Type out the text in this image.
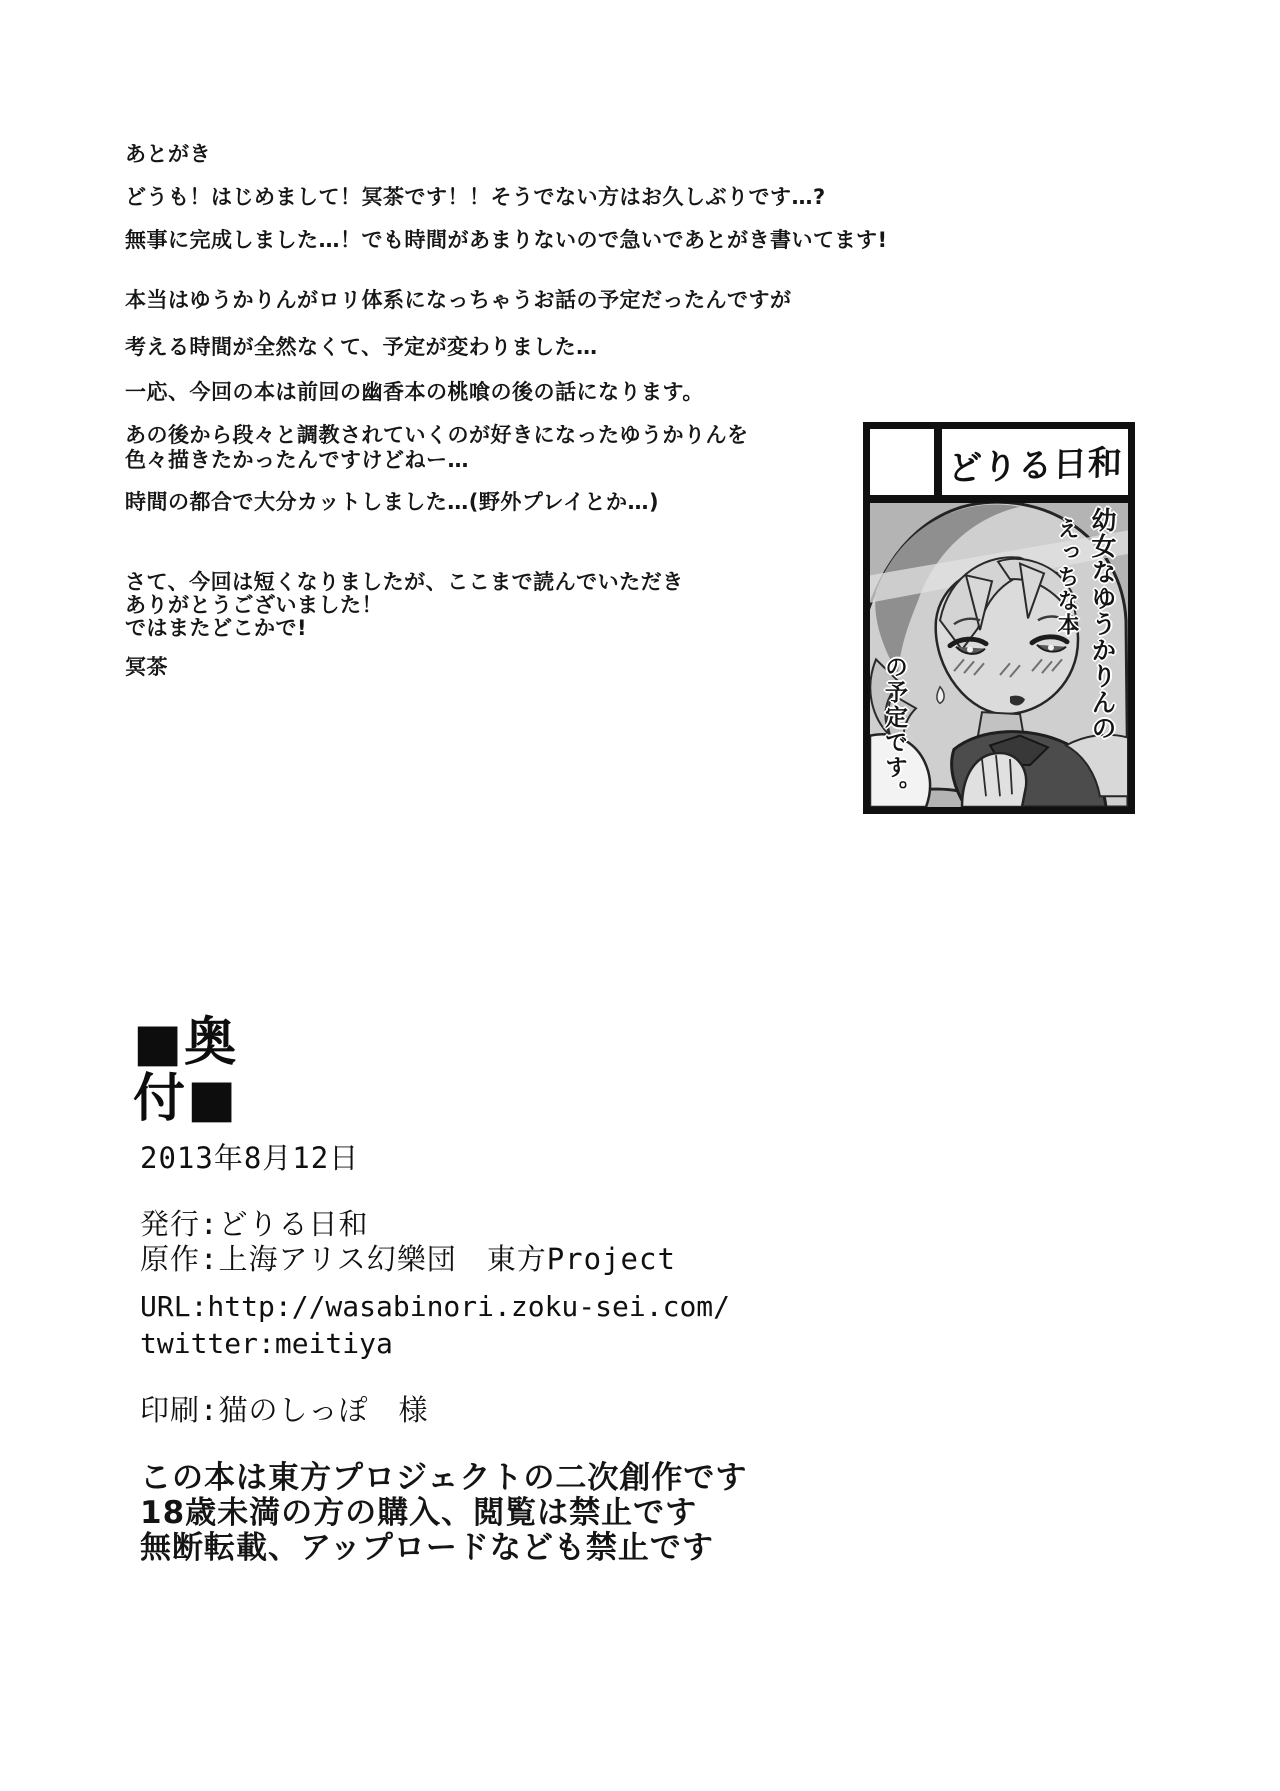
あとがき
どうも！はじめまして！冥茶です！！そうでない方はお久しぶりです…?
無事に完成しました…！でも時間があまりないので急いであとがき書いてます!
本当はゆうかりんがロリ体系になっちゃうお話の予定だったんですが
考える時間が全然なくて、予定が変わりました…
一応、今回の本は前回の幽香本の桃喰の後の話になります。
あの後から段々と調教されていくのが好きになったゆうかりんを
色々描きたかったんですけどねー…
時間の都合で大分カットしました…(野外プレイとか…)
さて、今回は短くなりましたが、ここまで読んでいただき
ありがとうございました！
ではまたどこかで!
冥茶
どりる日和
幼女なゆうかりんの
えっちな本
の予定です。
■奥
付■
2013年8月12日
発行:どりる日和
原作:上海アリス幻樂団　東方Project
URL:http://wasabinori.zoku-sei.com/
twitter:meitiya
印刷:猫のしっぽ　様
この本は東方プロジェクトの二次創作です
18歳未満の方の購入、閲覧は禁止です
無断転載、アップロードなども禁止です
